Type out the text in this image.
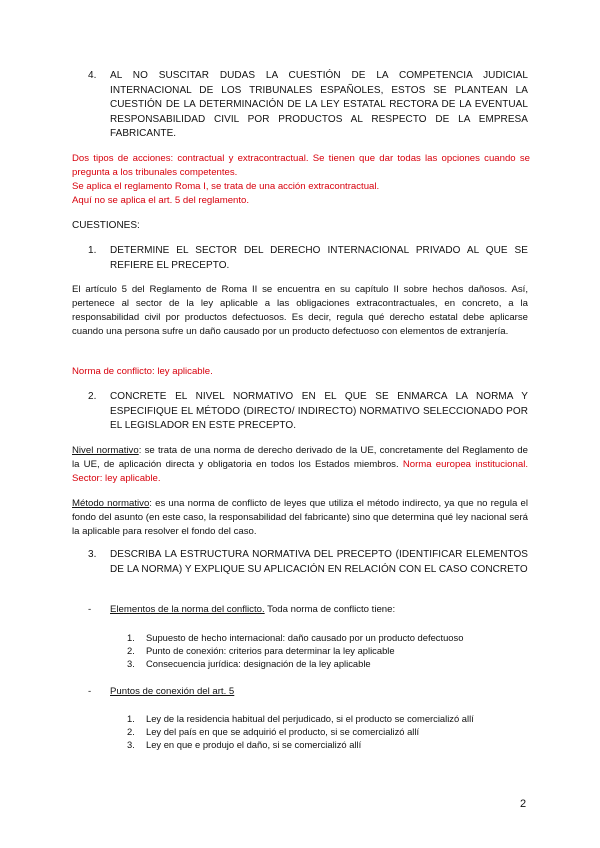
4.	AL NO SUSCITAR DUDAS LA CUESTIÓN DE LA COMPETENCIA JUDICIAL INTERNACIONAL DE LOS TRIBUNALES ESPAÑOLES, ESTOS SE PLANTEAN LA CUESTIÓN DE LA DETERMINACIÓN DE LA LEY ESTATAL RECTORA DE LA EVENTUAL RESPONSABILIDAD CIVIL POR PRODUCTOS AL RESPECTO DE LA EMPRESA FABRICANTE.
Dos tipos de acciones: contractual y extracontractual. Se tienen que dar todas las opciones cuando se pregunta a los tribunales competentes.
Se aplica el reglamento Roma I, se trata de una acción extracontractual.
Aquí no se aplica el art. 5 del reglamento.
CUESTIONES:
1.	DETERMINE EL SECTOR DEL DERECHO INTERNACIONAL PRIVADO AL QUE SE REFIERE EL PRECEPTO.
El artículo 5 del Reglamento de Roma II se encuentra en su capítulo II sobre hechos dañosos. Así, pertenece al sector de la ley aplicable a las obligaciones extracontractuales, en concreto, a la responsabilidad civil por productos defectuosos. Es decir, regula qué derecho estatal debe aplicarse cuando una persona sufre un daño causado por un producto defectuoso con elementos de extranjería.
Norma de conflicto: ley aplicable.
2.	CONCRETE EL NIVEL NORMATIVO EN EL QUE SE ENMARCA LA NORMA Y ESPECIFIQUE EL MÉTODO (DIRECTO/ INDIRECTO) NORMATIVO SELECCIONADO POR EL LEGISLADOR EN ESTE PRECEPTO.
Nivel normativo: se trata de una norma de derecho derivado de la UE, concretamente del Reglamento de la UE, de aplicación directa y obligatoria en todos los Estados miembros. Norma europea institucional. Sector: ley aplicable.
Método normativo: es una norma de conflicto de leyes que utiliza el método indirecto, ya que no regula el fondo del asunto (en este caso, la responsabilidad del fabricante) sino que determina qué ley nacional será la aplicable para resolver el fondo del caso.
3.	DESCRIBA LA ESTRUCTURA NORMATIVA DEL PRECEPTO (IDENTIFICAR ELEMENTOS DE LA NORMA) Y EXPLIQUE SU APLICACIÓN EN RELACIÓN CON EL CASO CONCRETO
- Elementos de la norma del conflicto. Toda norma de conflicto tiene:
1. Supuesto de hecho internacional: daño causado por un producto defectuoso
2. Punto de conexión: criterios para determinar la ley aplicable
3. Consecuencia jurídica: designación de la ley aplicable
- Puntos de conexión del art. 5
1. Ley de la residencia habitual del perjudicado, si el producto se comercializó allí
2. Ley del país en que se adquirió el producto, si se comercializó allí
3. Ley en que e produjo el daño, si se comercializó allí
2
